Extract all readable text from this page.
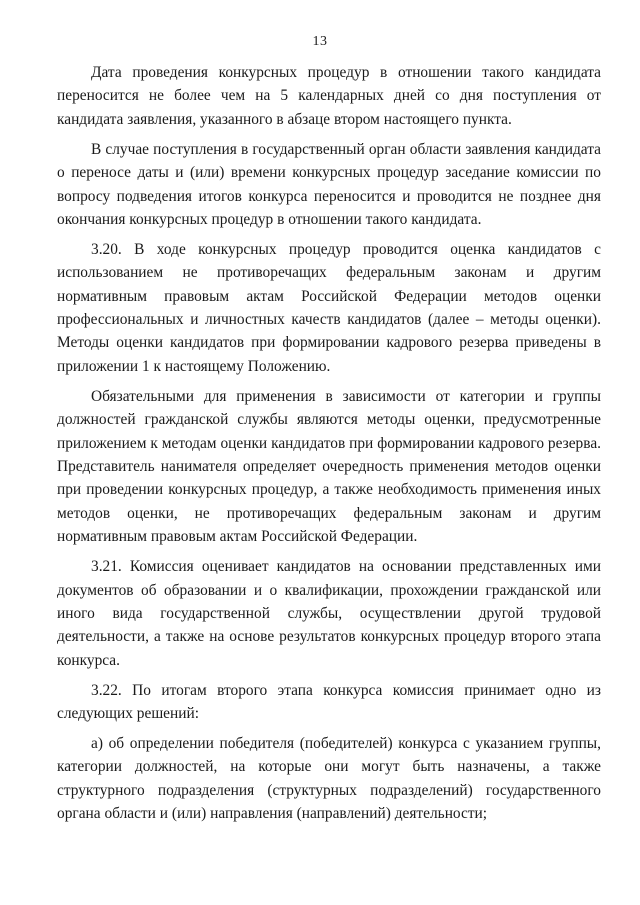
13

Дата проведения конкурсных процедур в отношении такого кандидата переносится не более чем на 5 календарных дней со дня поступления от кандидата заявления, указанного в абзаце втором настоящего пункта.

В случае поступления в государственный орган области заявления кандидата о переносе даты и (или) времени конкурсных процедур заседание комиссии по вопросу подведения итогов конкурса переносится и проводится не позднее дня окончания конкурсных процедур в отношении такого кандидата.

3.20. В ходе конкурсных процедур проводится оценка кандидатов с использованием не противоречащих федеральным законам и другим нормативным правовым актам Российской Федерации методов оценки профессиональных и личностных качеств кандидатов (далее – методы оценки). Методы оценки кандидатов при формировании кадрового резерва приведены в приложении 1 к настоящему Положению.

Обязательными для применения в зависимости от категории и группы должностей гражданской службы являются методы оценки, предусмотренные приложением к методам оценки кандидатов при формировании кадрового резерва. Представитель нанимателя определяет очередность применения методов оценки при проведении конкурсных процедур, а также необходимость применения иных методов оценки, не противоречащих федеральным законам и другим нормативным правовым актам Российской Федерации.

3.21. Комиссия оценивает кандидатов на основании представленных ими документов об образовании и о квалификации, прохождении гражданской или иного вида государственной службы, осуществлении другой трудовой деятельности, а также на основе результатов конкурсных процедур второго этапа конкурса.

3.22. По итогам второго этапа конкурса комиссия принимает одно из следующих решений:

а) об определении победителя (победителей) конкурса с указанием группы, категории должностей, на которые они могут быть назначены, а также структурного подразделения (структурных подразделений) государственного органа области и (или) направления (направлений) деятельности;
